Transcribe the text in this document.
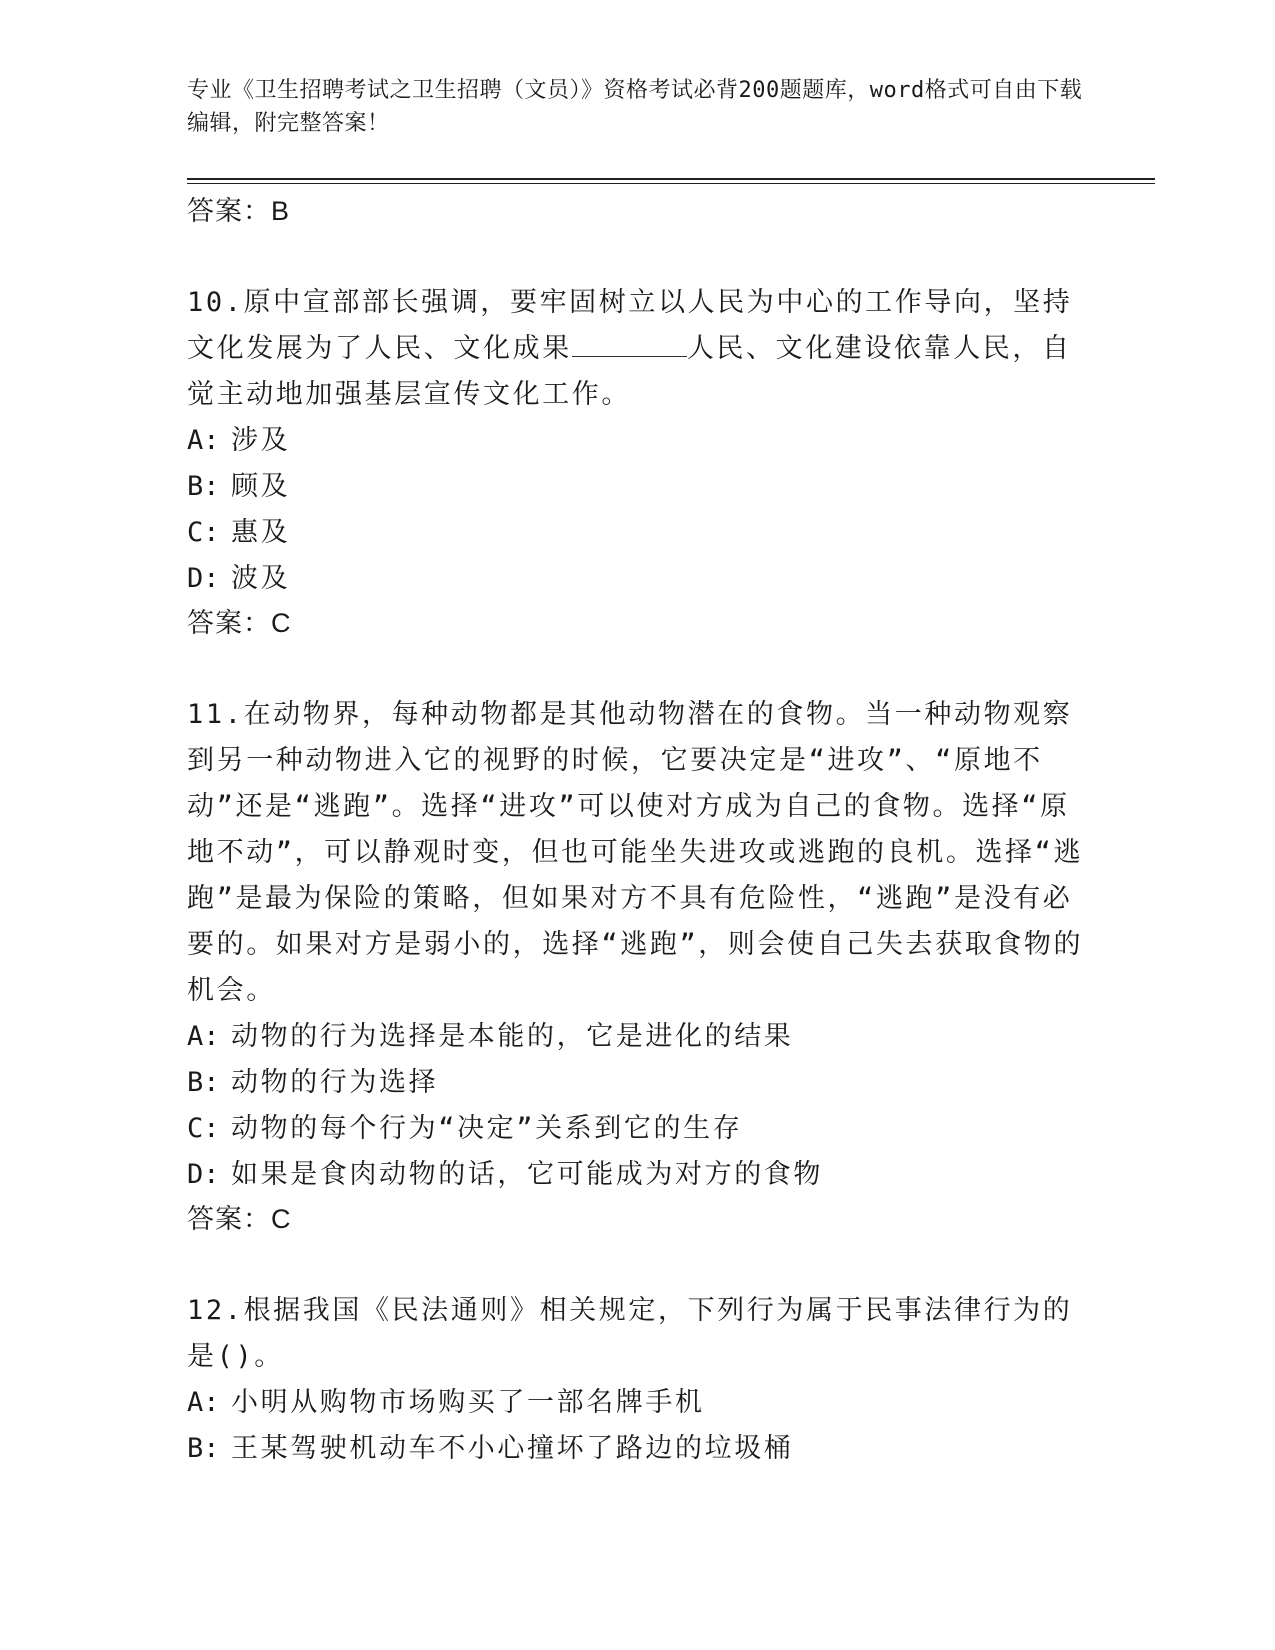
专业《卫生招聘考试之卫生招聘（文员）》资格考试必背200题题库，word格式可自由下载编辑，附完整答案！
答案：B
10.原中宣部部长强调，要牢固树立以人民为中心的工作导向，坚持文化发展为了人民、文化成果	人民、文化建设依靠人民，自觉主动地加强基层宣传文化工作。
A: 涉及
B: 顾及
C: 惠及
D: 波及
答案：C
11.在动物界，每种动物都是其他动物潜在的食物。当一种动物观察到另一种动物进入它的视野的时候，它要决定是“进攻”、“原地不动”还是“逃跑”。选择“进攻”可以使对方成为自己的食物。选择“原地不动”，可以静观时变，但也可能坐失进攻或逃跑的良机。选择“逃跑”是最为保险的策略，但如果对方不具有危险性，“逃跑”是没有必要的。如果对方是弱小的，选择“逃跑”，则会使自己失去获取食物的机会。
A: 动物的行为选择是本能的，它是进化的结果
B: 动物的行为选择
C: 动物的每个行为“决定”关系到它的生存
D: 如果是食肉动物的话，它可能成为对方的食物
答案：C
12.根据我国《民法通则》相关规定，下列行为属于民事法律行为的是()。
A: 小明从购物市场购买了一部名牌手机
B: 王某驾驶机动车不小心撞坏了路边的垃圾桶
